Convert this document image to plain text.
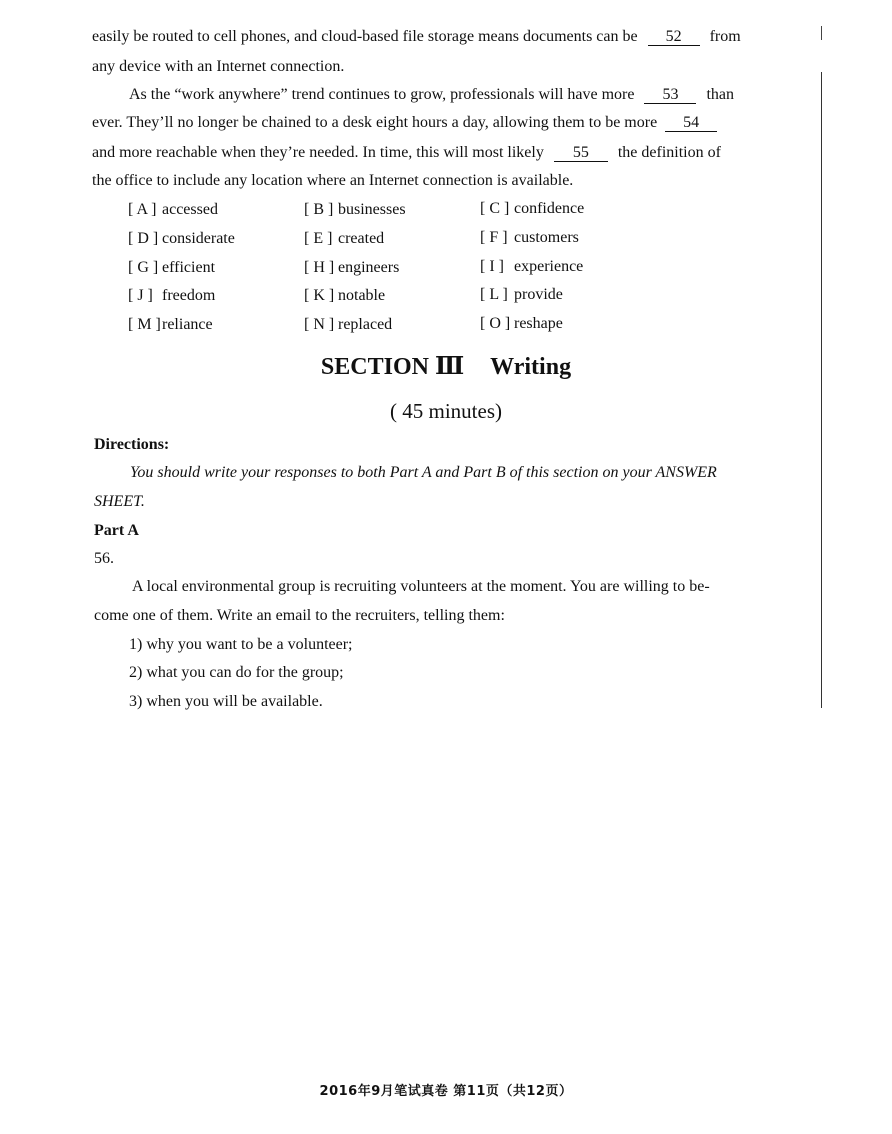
easily be routed to cell phones, and cloud-based file storage means documents can be 52 from
any device with an Internet connection.
As the “work anywhere” trend continues to grow, professionals will have more 53 than
ever. They’ll no longer be chained to a desk eight hours a day, allowing them to be more 54
and more reachable when they’re needed. In time, this will most likely 55 the definition of
the office to include any location where an Internet connection is available.
[ A ] accessed	[ B ] businesses	[ C ] confidence
[ D ] considerate	[ E ] created	[ F ] customers
[ G ] efficient	[ H ] engineers	[ I ] experience
[ J ] freedom	[ K ] notable	[ L ] provide
[ M ]reliance	[ N ] replaced	[ O ] reshape
SECTION Ⅲ Writing
( 45 minutes)
Directions:
You should write your responses to both Part A and Part B of this section on your ANSWER
SHEET.
Part A
56.
A local environmental group is recruiting volunteers at the moment. You are willing to be-
come one of them. Write an email to the recruiters, telling them:
1) why you want to be a volunteer;
2) what you can do for the group;
3) when you will be available.
2016年9月笔试真卷 第11页（共12页）
